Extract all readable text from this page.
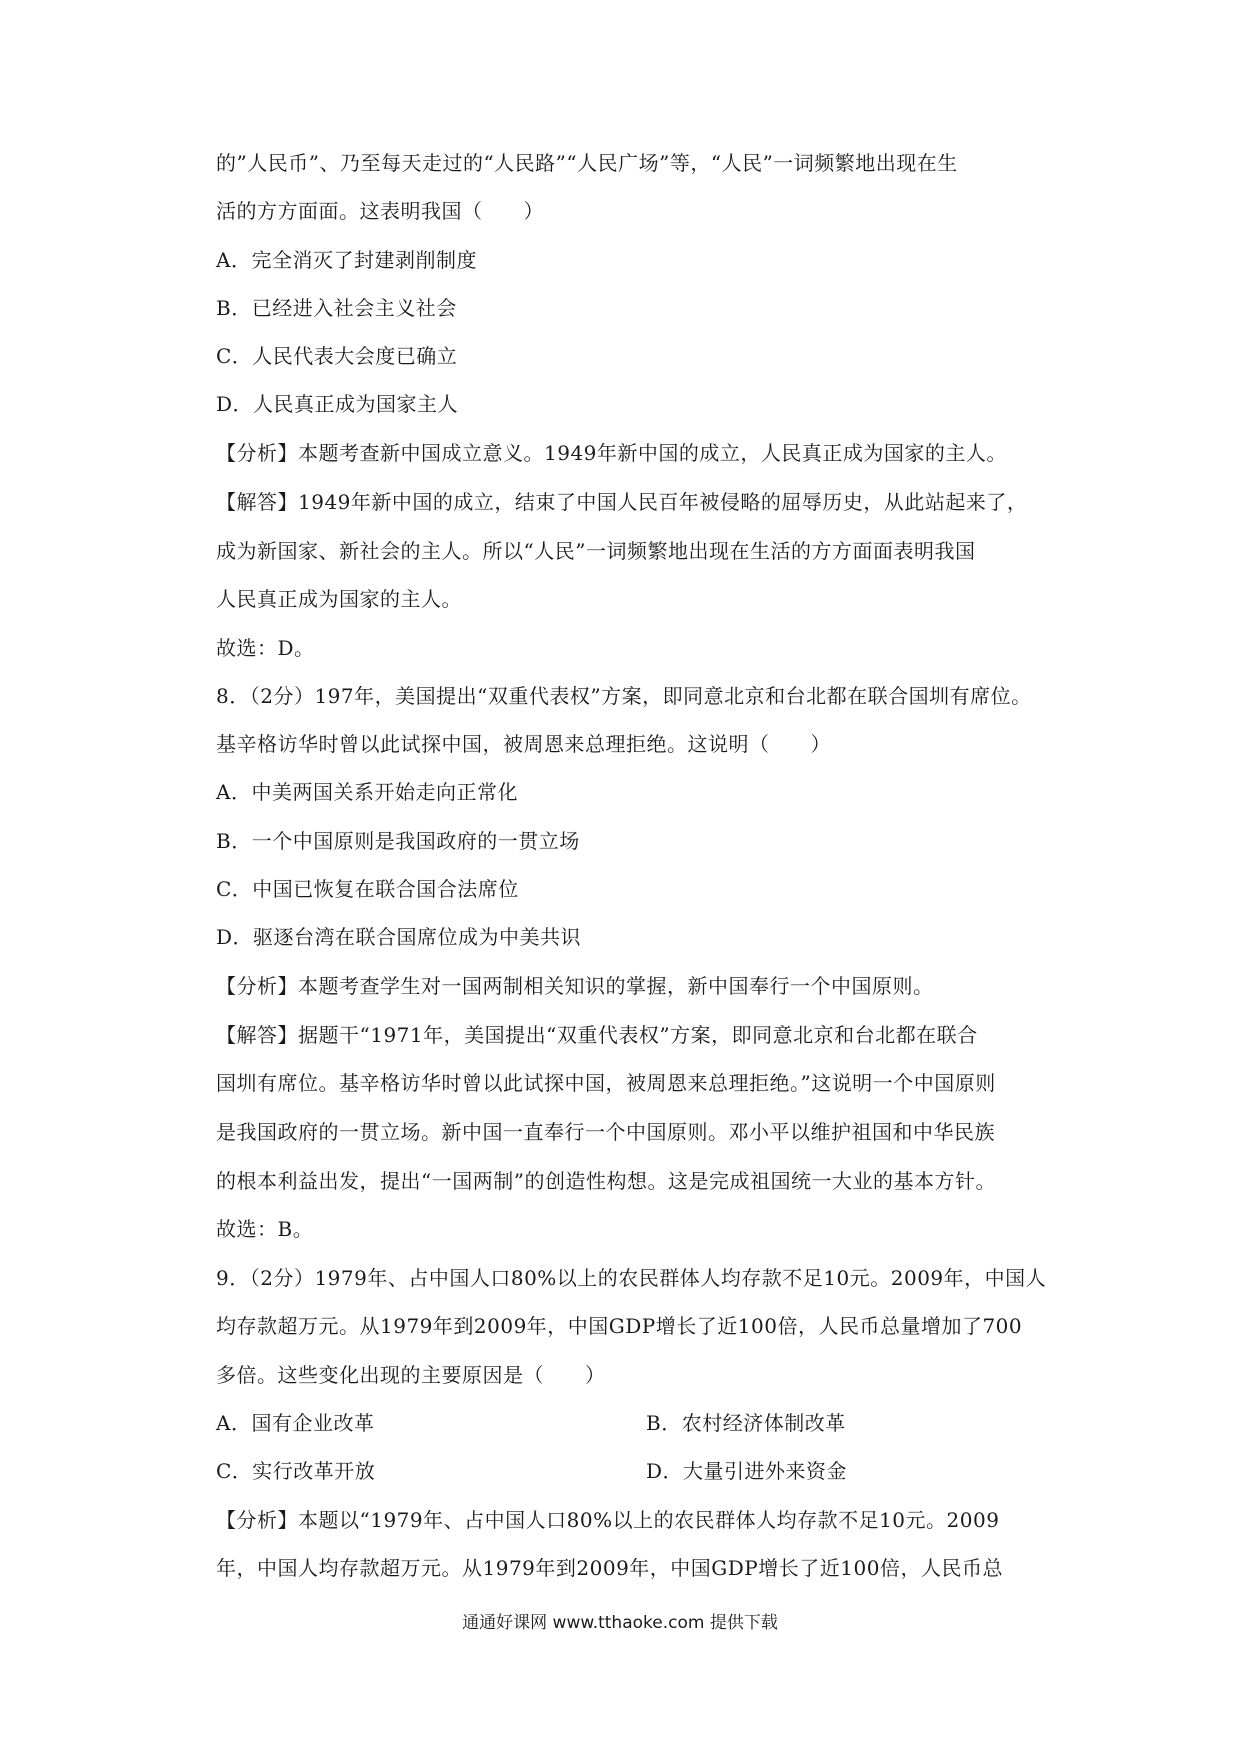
的”人民币”、乃至每天走过的“人民路”“人民广场”等，“人民”一词频繁地出现在生
活的方方面面。这表明我国（　　）
A．完全消灭了封建剥削制度
B．已经进入社会主义社会
C．人民代表大会度已确立
D．人民真正成为国家主人
【分析】本题考查新中国成立意义。1949年新中国的成立，人民真正成为国家的主人。
【解答】1949年新中国的成立，结束了中国人民百年被侵略的屈辱历史，从此站起来了，
成为新国家、新社会的主人。所以“人民”一词频繁地出现在生活的方方面面表明我国
人民真正成为国家的主人。
故选：D。
8．（2分）197年，美国提出“双重代表权”方案，即同意北京和台北都在联合国圳有席位。
基辛格访华时曾以此试探中国，被周恩来总理拒绝。这说明（　　）
A．中美两国关系开始走向正常化
B．一个中国原则是我国政府的一贯立场
C．中国已恢复在联合国合法席位
D．驱逐台湾在联合国席位成为中美共识
【分析】本题考查学生对一国两制相关知识的掌握，新中国奉行一个中国原则。
【解答】据题干“1971年，美国提出“双重代表权”方案，即同意北京和台北都在联合
国圳有席位。基辛格访华时曾以此试探中国，被周恩来总理拒绝。”这说明一个中国原则
是我国政府的一贯立场。新中国一直奉行一个中国原则。邓小平以维护祖国和中华民族
的根本利益出发，提出“一国两制”的创造性构想。这是完成祖国统一大业的基本方针。
故选：B。
9．（2分）1979年、占中国人口80%以上的农民群体人均存款不足10元。2009年，中国人
均存款超万元。从1979年到2009年，中国GDP增长了近100倍，人民币总量增加了700
多倍。这些变化出现的主要原因是（　　）
A．国有企业改革	B．农村经济体制改革
C．实行改革开放	D．大量引进外来资金
【分析】本题以“1979年、占中国人口80%以上的农民群体人均存款不足10元。2009
年，中国人均存款超万元。从1979年到2009年，中国GDP增长了近100倍，人民币总
通通好课网 www.tthaoke.com 提供下载
